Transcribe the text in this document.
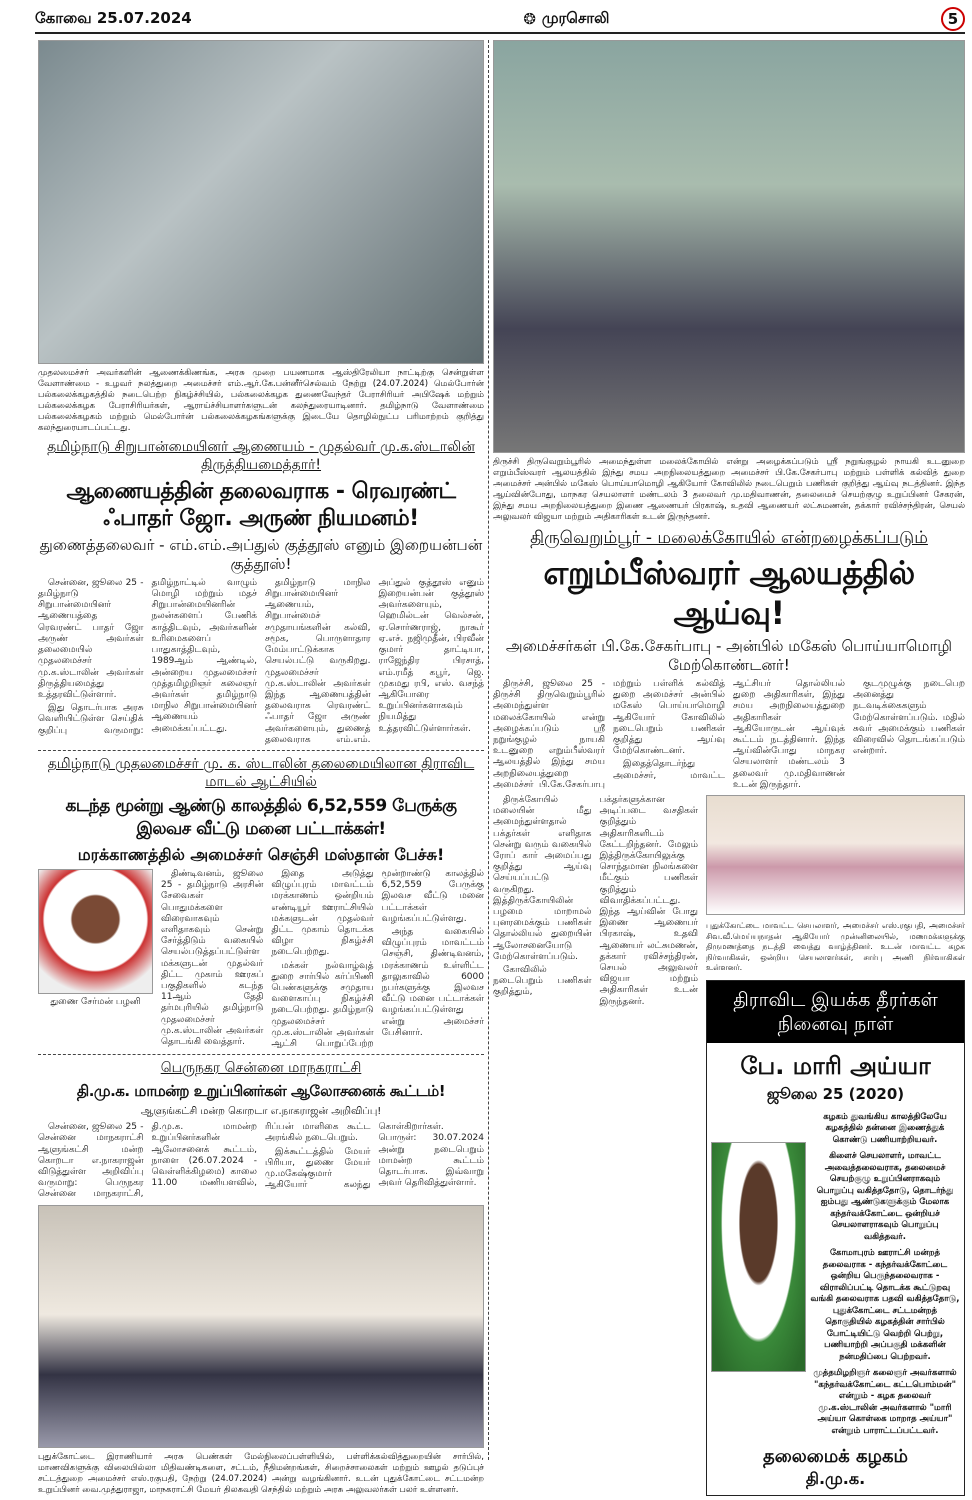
கோவை 25.07.2024	❂ முரசொலி	5
முதலமைச்சர் அவர்களின் ஆணைக்கிணங்க, அரசு முறை பயணமாக ஆஸ்திரேலியா நாட்டிற்கு சென்றுள்ள வேளாண்மை - உழவர் நலத்துறை அமைச்சர் எம்.ஆர்.கே.பன்னீர்செல்வம் நேற்று (24.07.2024) மெல்போர்ன் பல்கலைக்கழகத்தில் நடைபெற்ற நிகழ்ச்சியில், பல்கலைக்கழக துணைவேந்தர் பேராசிரியர் அபிஷேக் மற்றும் பல்கலைக்கழக பேராசிரியர்கள், ஆராய்ச்சியாளர்களுடன் கலந்துரையாடினார். தமிழ்நாடு வேளாண்மை பல்கலைக்கழகம் மற்றும் மெல்போர்ன் பல்கலைக்கழகங்களுக்கு இடையே தொழில்நுட்ப பரிமாற்றம் குறித்து கலந்துரையாடப்பட்டது.
தமிழ்நாடு சிறுபான்மையினர் ஆணையம் - முதல்வர் மு.க.ஸ்டாலின் திருத்தியமைத்தார்!
ஆணையத்தின் தலைவராக - ரெவரண்ட் ஃபாதர் ஜோ. அருண் நியமனம்!
துணைத்தலைவர் - எம்.எம்.அப்துல் குத்தூஸ் எனும் இறையன்பன் குத்தூஸ்!

சென்னை, ஜூலை 25 - தமிழ்நாடு சிறுபான்மையினர் ஆணையத்தை ரெவரண்ட் பாதர் ஜோ அருண் அவர்கள் தலைமையில் முதலமைச்சர் மு.க.ஸ்டாலின் அவர்கள் திருத்தியமைத்து உத்தரவிட்டுள்ளார்.

இது தொடர்பாக அரசு வெளியிட்டுள்ள செய்திக் குறிப்பு வருமாறு: தமிழ்நாட்டில் வாழும் மொழி மற்றும் மதச் சிறுபான்மையினரின் நலன்களைப் பேணிக் காத்திடவும், அவர்களின் உரிமைகளைப் பாதுகாத்திடவும், 1989ஆம் ஆண்டில், அன்றைய முதலமைச்சர் முத்தமிழறிஞர் கலைஞர் அவர்கள் தமிழ்நாடு மாநில சிறுபான்மையினர் ஆணையம் அமைக்கப்பட்டது.

தமிழ்நாடு மாநில சிறுபான்மையினர் ஆணையம், சிறுபான்மைச் சமுதாயங்களின் கல்வி, சமூக, பொருளாதார மேம்பாட்டுக்காக செயல்பட்டு வருகிறது. முதலமைச்சர் மு.க.ஸ்டாலின் அவர்கள் இந்த ஆணையத்தின் தலைவராக ரெவரண்ட் ஃபாதர் ஜோ அருண் அவர்களையும், துணைத் தலைவராக எம்.எம். அப்துல் குத்தூஸ் எனும் இறையன்பன் குத்தூஸ் அவர்களையும், ஹெமில்டன் வெல்சன், ஏ.சொர்ணராஜ், நாகூர் ஏ.எச். நஜிமுதீன், பிரவீன் குமார் தாட்டியா, ராஜேந்திர பிரசாத், எம்.ரமீத் கபூர், ஜெ. முகமது ரபி, எஸ். வசந்த் ஆகியோரை உறுப்பினர்களாகவும் நியமித்து உத்தரவிட்டுள்ளார்கள்.

தமிழ்நாடு முதலமைச்சர் மு. க. ஸ்டாலின் தலைமையிலான திராவிட மாடல் ஆட்சியில்
கடந்த மூன்று ஆண்டு காலத்தில் 6,52,559 பேருக்கு இலவச வீட்டு மனை பட்டாக்கள்!
மரக்காணத்தில் அமைச்சர் செஞ்சி மஸ்தான் பேச்சு!
துணை சேர்மன் பழனி

திண்டிவனம், ஜூலை 25 - தமிழ்நாடு அரசின் சேவைகள் பொதுமக்களை விரைவாகவும் எளிதாகவும் சென்று சேர்த்திடும் வகையில் செயல்படுத்தப்பட்டுள்ள மக்களுடன் முதல்வர் திட்ட முகாம் ஊரகப் பகுதிகளில் கடந்த 11ஆம் தேதி தர்மபுரியில் தமிழ்நாடு முதலமைச்சர் மு.க.ஸ்டாலின் அவர்கள் தொடங்கி வைத்தார்.

இதை அடுத்து விழுப்புரம் மாவட்டம் மரக்காணம் ஒன்றியம் எண்டியூர் ஊராட்சியில் மக்களுடன் முதல்வர் திட்ட முகாம் தொடக்க விழா நிகழ்ச்சி நடைபெற்றது.

மக்கள் நல்வாழ்வுத் துறை சார்பில் கர்ப்பிணி பெண்களுக்கு சமுதாய வளைகாப்பு நிகழ்ச்சி நடைபெற்றது. தமிழ்நாடு முதலமைச்சர் மு.க.ஸ்டாலின் அவர்கள் ஆட்சி பொறுப்பேற்ற மூன்றாண்டு காலத்தில் 6,52,559 பேருக்கு இலவச வீட்டு மனை பட்டாக்கள் வழங்கப்பட்டுள்ளது.

அந்த வகையில் விழுப்புரம் மாவட்டம் செஞ்சி, திண்டிவனம், மரக்காணம் உள்ளிட்ட தாலுகாவில் 6000 நபர்களுக்கு இலவச வீட்டு மனை பட்டாக்கள் வழங்கப்பட்டுள்ளது என்று அமைச்சர் பேசினார்.

பெருநகர சென்னை மாநகராட்சி
தி.மு.க. மாமன்ற உறுப்பினர்கள் ஆலோசனைக் கூட்டம்!
ஆளுங்கட்சி மன்ற கொறடா எ.நாகராஜன் அறிவிப்பு!

சென்னை, ஜூலை 25 - சென்னை மாநகராட்சி ஆளுங்கட்சி மன்ற கொறடா எ.நாகராஜன் விடுத்துள்ள அறிவிப்பு வருமாறு: பெருநகர சென்னை மாநகராட்சி, தி.மு.க. மாமன்ற உறுப்பினர்களின் ஆலோசனைக் கூட்டம், நாளை (26.07.2024 - வெள்ளிக்கிழமை) காலை 11.00 மணியளவில், ரிப்பன் மாளிகை கூட்ட அரங்கில் நடைபெறும்.

இக்கூட்டத்தில் மேயர் பிரியா, துணை மேயர் மு.மகேஷ்குமார் ஆகியோர் கலந்து கொள்கிறார்கள். பொருள்: 30.07.2024 அன்று நடைபெறும் மாமன்ற கூட்டம் தொடர்பாக. இவ்வாறு அவர் தெரிவித்துள்ளார்.

புதுக்கோட்டை இராணியார் அரசு பெண்கள் மேல்நிலைப்பள்ளியில், பள்ளிக்கல்வித்துறையின் சார்பில், மாணவிகளுக்கு விலையில்லா மிதிவண்டிகளை, சட்டம், நீதிமன்றங்கள், சிறைச்சாலைகள் மற்றும் ஊழல் தடுப்புச் சட்டத்துறை அமைச்சர் எஸ்.ரகுபதி, நேற்று (24.07.2024) அன்று வழங்கினார். உடன் புதுக்கோட்டை சட்டமன்ற உறுப்பினர் வை.முத்துராஜா, மாநகராட்சி மேயர் திலகவதி செந்தில் மற்றும் அரசு அலுவலர்கள் பலர் உள்ளனர்.
திருச்சி திருவெறும்பூரில் அமைந்துள்ள மலைக்கோயில் என்று அழைக்கப்படும் ஸ்ரீ நறுங்குழல் நாயகி உடனுறை எறும்பீஸ்வரர் ஆலயத்தில் இந்து சமய அறநிலையத்துறை அமைச்சர் பி.கே.சேகர்பாபு மற்றும் பள்ளிக் கல்வித் துறை அமைச்சர் அன்பில் மகேஸ் பொய்யாமொழி ஆகியோர் கோவிலில் நடைபெறும் பணிகள் குறித்து ஆய்வு நடத்தினர். இந்த ஆய்வின்போது, மாநகர செயலாளர் மண்டலம் 3 தலைவர் மு.மதிவாணன், தலைமைச் செயற்குழு உறுப்பினர் சேகரன், இந்து சமய அறநிலையத்துறை இணை ஆணையர் பிரகாஷ், உதவி ஆணையர் லட்சுமணன், தக்கார் ரவிச்சந்திரன், செயல் அலுவலர் விஜயா மற்றும் அதிகாரிகள் உடன் இருந்தனர்.
திருவெறும்பூர் - மலைக்கோயில் என்றழைக்கப்படும்
எறும்பீஸ்வரர் ஆலயத்தில் ஆய்வு!
அமைச்சர்கள் பி.கே.சேகர்பாபு - அன்பில் மகேஸ் பொய்யாமொழி மேற்கொண்டனர்!

திருச்சி, ஜூலை 25 - திருச்சி திருவெறும்பூரில் அமைந்துள்ள மலைக்கோயில் என்று அழைக்கப்படும் ஸ்ரீ நறுங்குழல் நாயகி உடனுறை எறும்பீஸ்வரர் ஆலயத்தில் இந்து சமய அறநிலையத்துறை அமைச்சர் பி.கே.சேகர்பாபு மற்றும் பள்ளிக் கல்வித் துறை அமைச்சர் அன்பில் மகேஸ் பொய்யாமொழி ஆகியோர் கோவிலில் நடைபெறும் பணிகள் குறித்து ஆய்வு மேற்கொண்டனர்.

இதைத்தொடர்ந்து அமைச்சர், மாவட்ட ஆட்சியர் தொல்லியல் துறை அதிகாரிகள், இந்து சமய அறநிலையத்துறை அதிகாரிகள் ஆகியோருடன் ஆய்வுக் கூட்டம் நடத்தினார். இந்த ஆய்வின்போது மாநகர செயலாளர் மண்டலம் 3 தலைவர் மு.மதிவாணன் உடன் இருந்தார்.

குடமுழுக்கு நடைபெற அனைத்து நடவடிக்கைகளும் மேற்கொள்ளப்படும். மதில் சுவர் அமைக்கும் பணிகள் விரைவில் தொடங்கப்படும் என்றார்.

திருக்கோயில் மலையின் மீது அமைந்துள்ளதால் பக்தர்கள் எளிதாக சென்று வரும் வகையில் ரோப் கார் அமைப்பது குறித்து ஆய்வு செய்யப்பட்டு வருகிறது. இத்திருக்கோயிலின் பழமை மாறாமல் புனரமைக்கும் பணிகள் தொல்லியல் துறையின் ஆலோசனையோடு மேற்கொள்ளப்படும்.

கோவிலில் நடைபெறும் பணிகள் குறித்தும், பக்தர்களுக்கான அடிப்படை வசதிகள் குறித்தும் அதிகாரிகளிடம் கேட்டறிந்தனர். மேலும் இத்திருக்கோயிலுக்கு சொந்தமான நிலங்களை மீட்கும் பணிகள் குறித்தும் விவாதிக்கப்பட்டது. இந்த ஆய்வின் போது இணை ஆணையர் பிரகாஷ், உதவி ஆணையர் லட்சுமணன், தக்கார் ரவிச்சந்திரன், செயல் அலுவலர் விஜயா மற்றும் அதிகாரிகள் உடன் இருந்தனர்.

புதுக்கோட்டை மாவட்ட செயலாளர், அமைச்சர் எஸ்.ரகுபதி, அமைச்சர் சிவ.வீ.மெய்யநாதன் ஆகியோர் முன்னிலையில், மணமக்களுக்கு திருமணத்தை நடத்தி வைத்து வாழ்த்தினர். உடன் மாவட்ட கழக நிர்வாகிகள், ஒன்றிய செயலாளர்கள், சார்பு அணி நிர்வாகிகள் உள்ளனர்.
திராவிட இயக்க தீரர்கள் நினைவு நாள்
பே. மாரி அய்யா
ஜூலை 25 (2020)

கழகம் துவங்கிய காலத்திலேயே கழகத்தில் தன்னை இணைத்துக் கொண்டு பணியாற்றியவர்.

கிளைச் செயலாளர், மாவட்ட அவைத்தலைவராக, தலைமைச் செயற்குழு உறுப்பினராகவும் பொறுப்பு வகித்ததோடு, தொடர்ந்து ஐம்பது ஆண்டுகளுக்கும் மேலாக கந்தர்வக்கோட்டை ஒன்றியச் செயலாளராகவும் பொறுப்பு வகித்தவர்.

கோமாபுரம் ஊராட்சி மன்றத் தலைவராக - கந்தர்வக்கோட்டை ஒன்றிய பெருந்தலைவராக - விராலிப்பட்டி தொடக்க கூட்டுறவு வங்கி தலைவராக பதவி வகித்ததோடு, புதுக்கோட்டை சட்டமன்றத் தொகுதியில் கழகத்தின் சார்பில் போட்டியிட்டு வெற்றி பெற்று, பணியாற்றி அப்பகுதி மக்களின் நன்மதிப்பை பெற்றவர்.

முத்தமிழறிஞர் கலைஞர் அவர்களால் "கந்தர்வக்கோட்டை கட்டபொம்மன்" என்றும் - கழக தலைவர் மு.க.ஸ்டாலின் அவர்களால் "மாரி அய்யா கொள்கை மாறாத அய்யா" என்றும் பாராட்டப்பட்டவர்.

தலைமைக் கழகம்
தி.மு.க.
